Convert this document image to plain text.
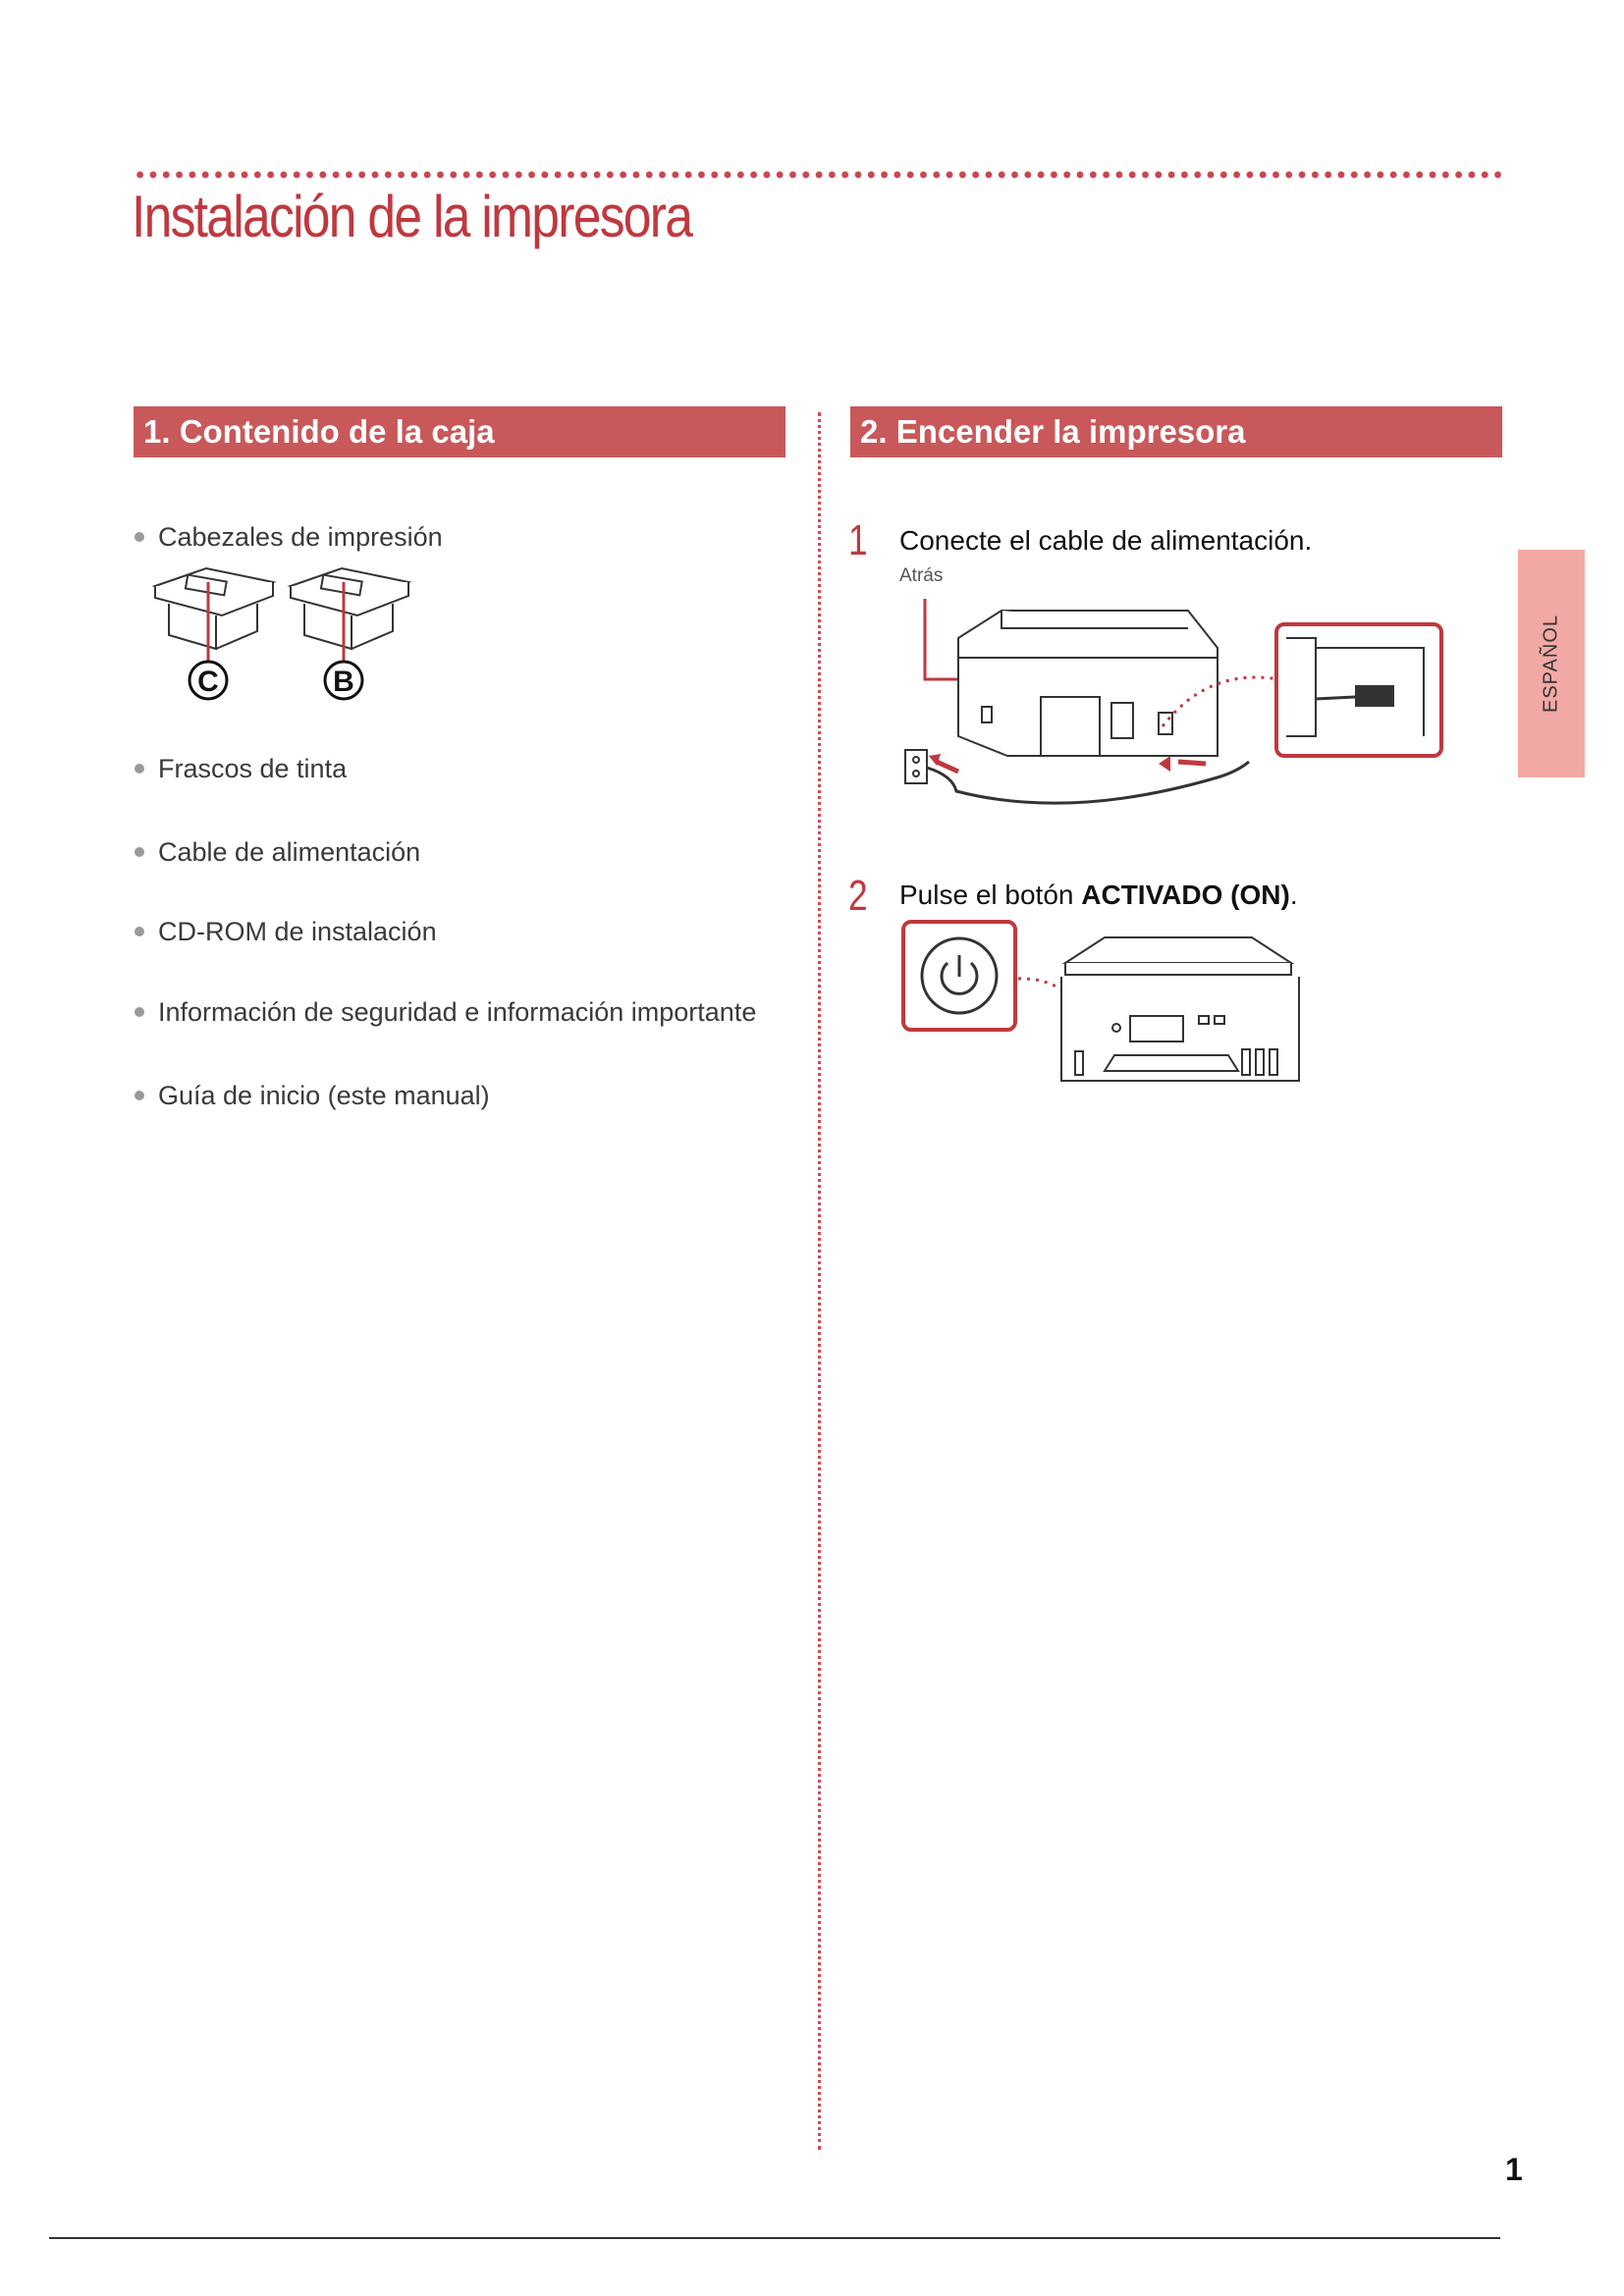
Instalación de la impresora
1. Contenido de la caja	2. Encender la impresora
Cabezales de impresión
C	B
Frascos de tinta
Cable de alimentación
CD-ROM de instalación
Información de seguridad e información importante
Guía de inicio (este manual)
1 Conecte el cable de alimentación.
Atrás
2 Pulse el botón ACTIVADO (ON).
ESPAÑOL
1
